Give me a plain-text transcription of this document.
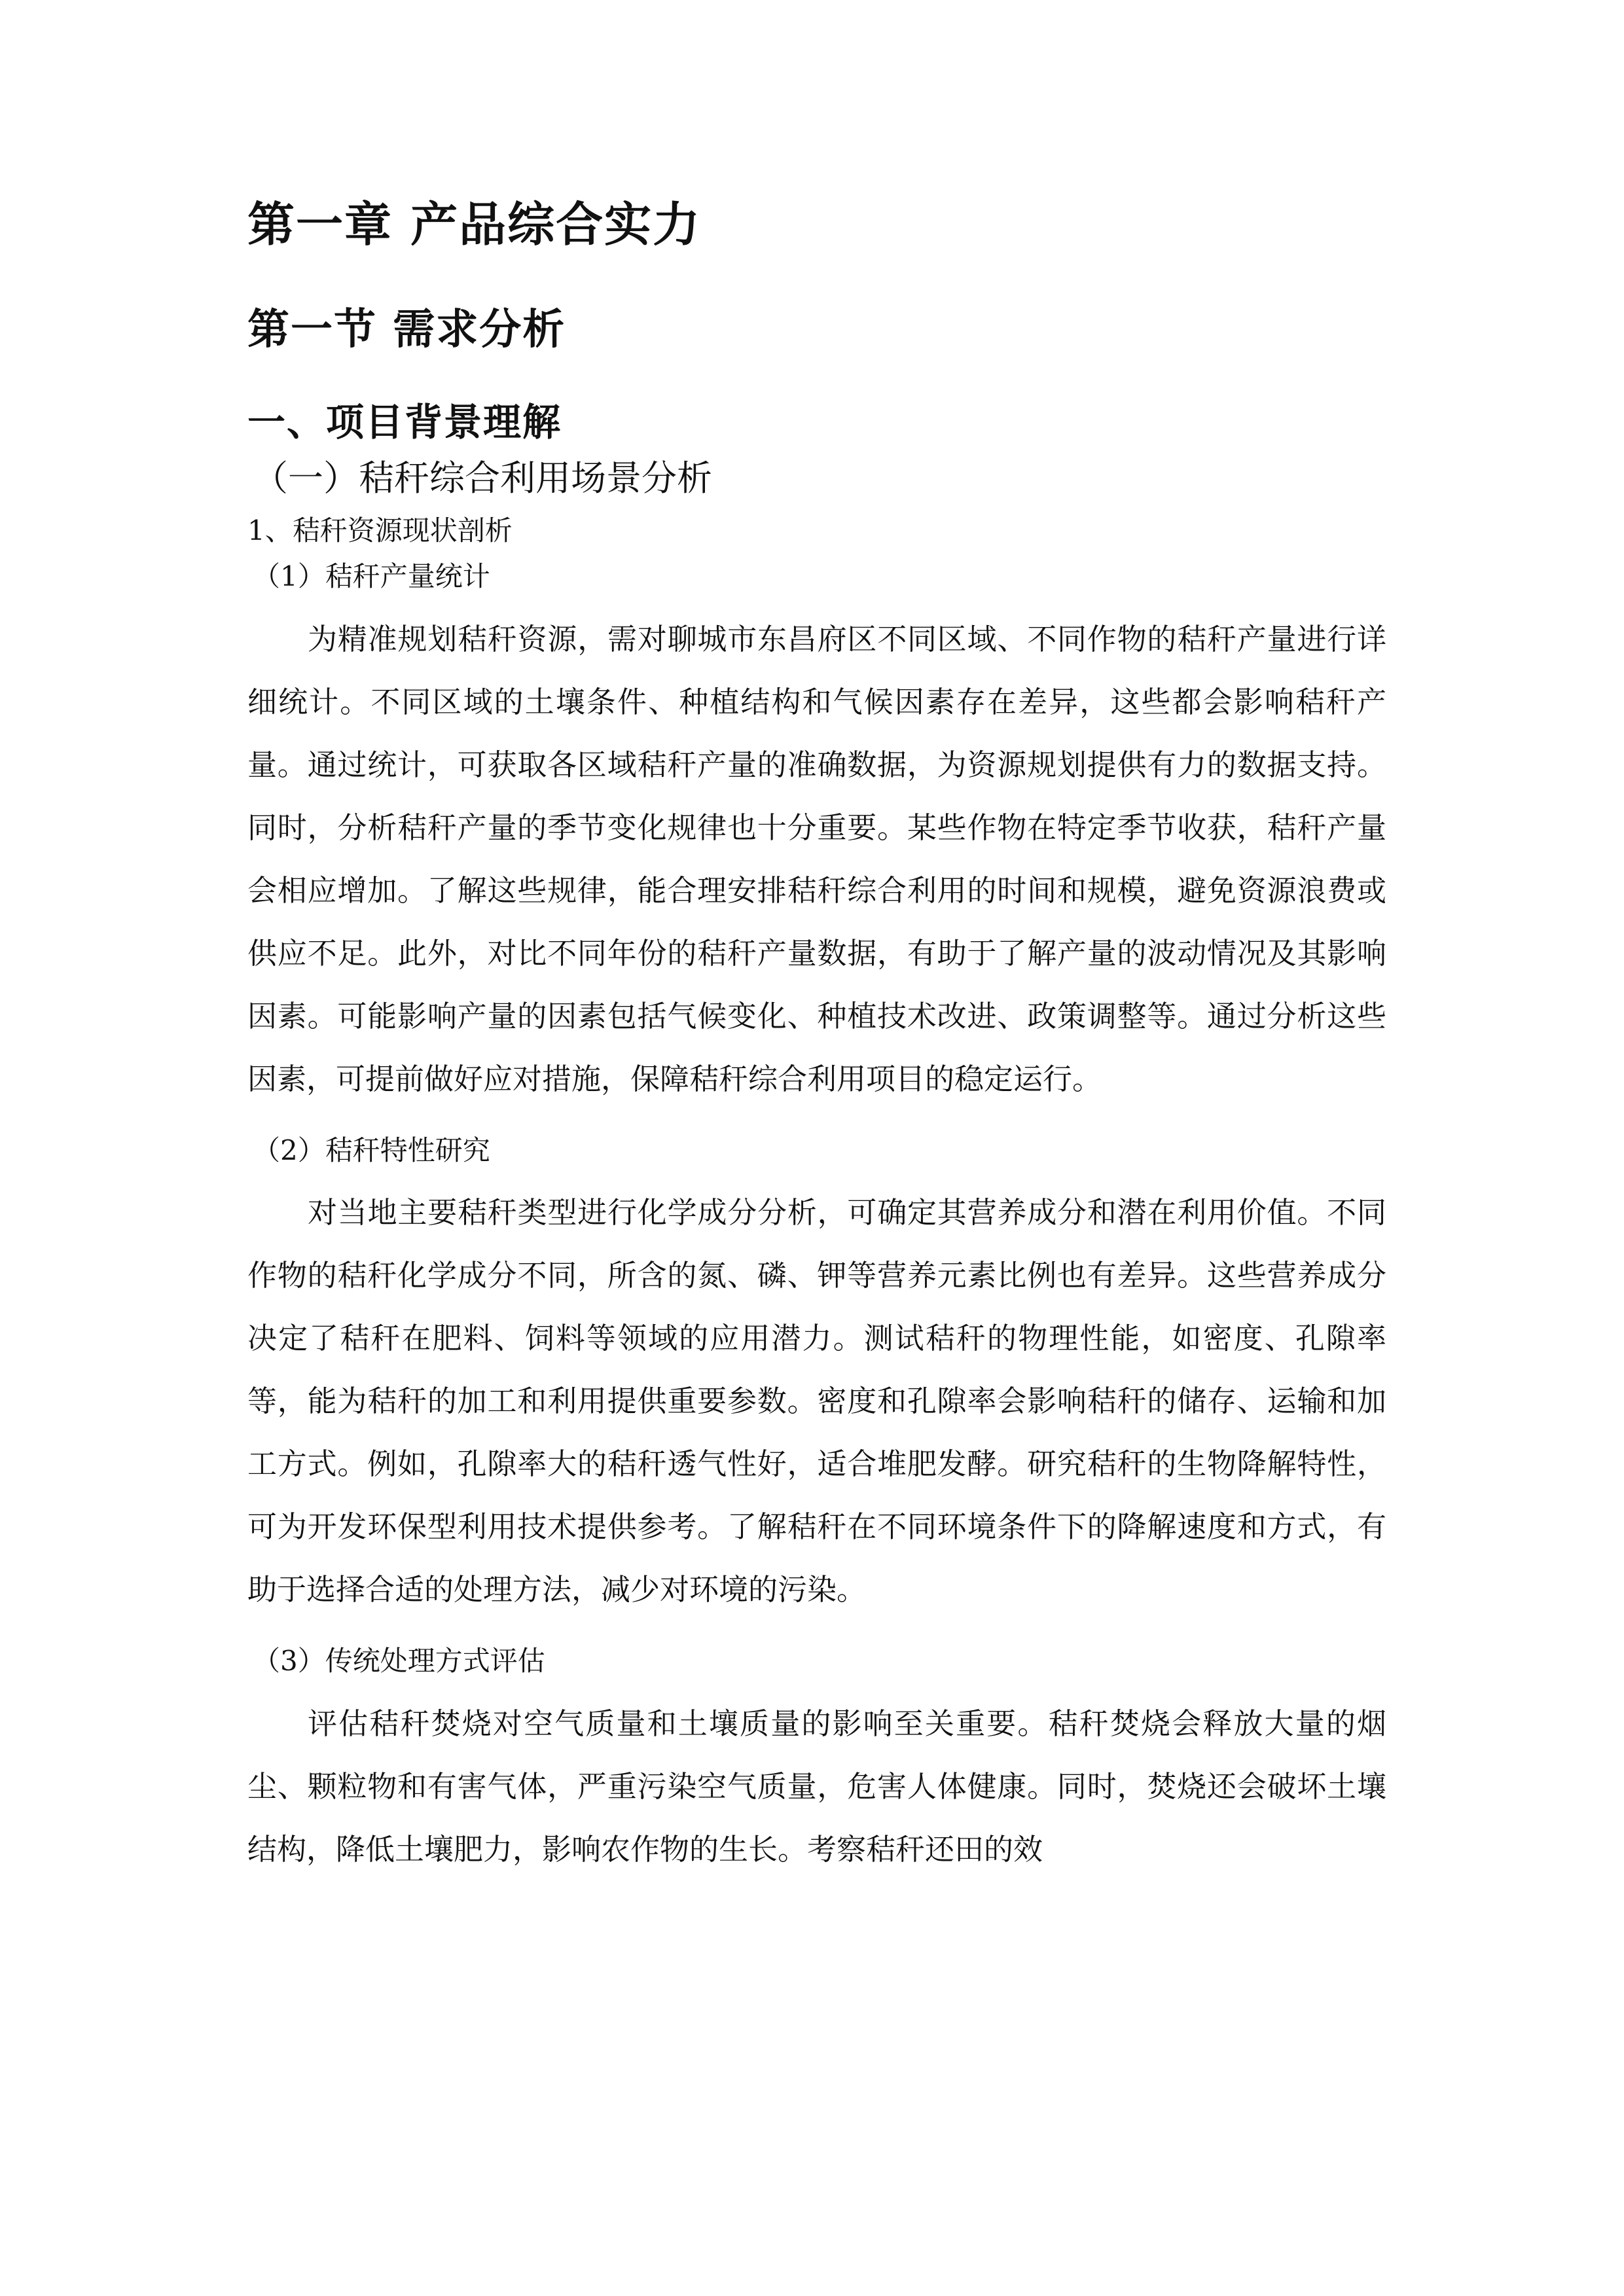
第一章 产品综合实力
第一节 需求分析
一、项目背景理解
（一）秸秆综合利用场景分析
1、秸秆资源现状剖析
（1）秸秆产量统计

为精准规划秸秆资源，需对聊城市东昌府区不同区域、不同作物的秸秆产量进行详细统计。不同区域的土壤条件、种植结构和气候因素存在差异，这些都会影响秸秆产量。通过统计，可获取各区域秸秆产量的准确数据，为资源规划提供有力的数据支持。同时，分析秸秆产量的季节变化规律也十分重要。某些作物在特定季节收获，秸秆产量会相应增加。了解这些规律，能合理安排秸秆综合利用的时间和规模，避免资源浪费或供应不足。此外，对比不同年份的秸秆产量数据，有助于了解产量的波动情况及其影响因素。可能影响产量的因素包括气候变化、种植技术改进、政策调整等。通过分析这些因素，可提前做好应对措施，保障秸秆综合利用项目的稳定运行。

（2）秸秆特性研究

对当地主要秸秆类型进行化学成分分析，可确定其营养成分和潜在利用价值。不同作物的秸秆化学成分不同，所含的氮、磷、钾等营养元素比例也有差异。这些营养成分决定了秸秆在肥料、饲料等领域的应用潜力。测试秸秆的物理性能，如密度、孔隙率等，能为秸秆的加工和利用提供重要参数。密度和孔隙率会影响秸秆的储存、运输和加工方式。例如，孔隙率大的秸秆透气性好，适合堆肥发酵。研究秸秆的生物降解特性，可为开发环保型利用技术提供参考。了解秸秆在不同环境条件下的降解速度和方式，有助于选择合适的处理方法，减少对环境的污染。

（3）传统处理方式评估

评估秸秆焚烧对空气质量和土壤质量的影响至关重要。秸秆焚烧会释放大量的烟尘、颗粒物和有害气体，严重污染空气质量，危害人体健康。同时，焚烧还会破坏土壤结构，降低土壤肥力，影响农作物的生长。考察秸秆还田的效
